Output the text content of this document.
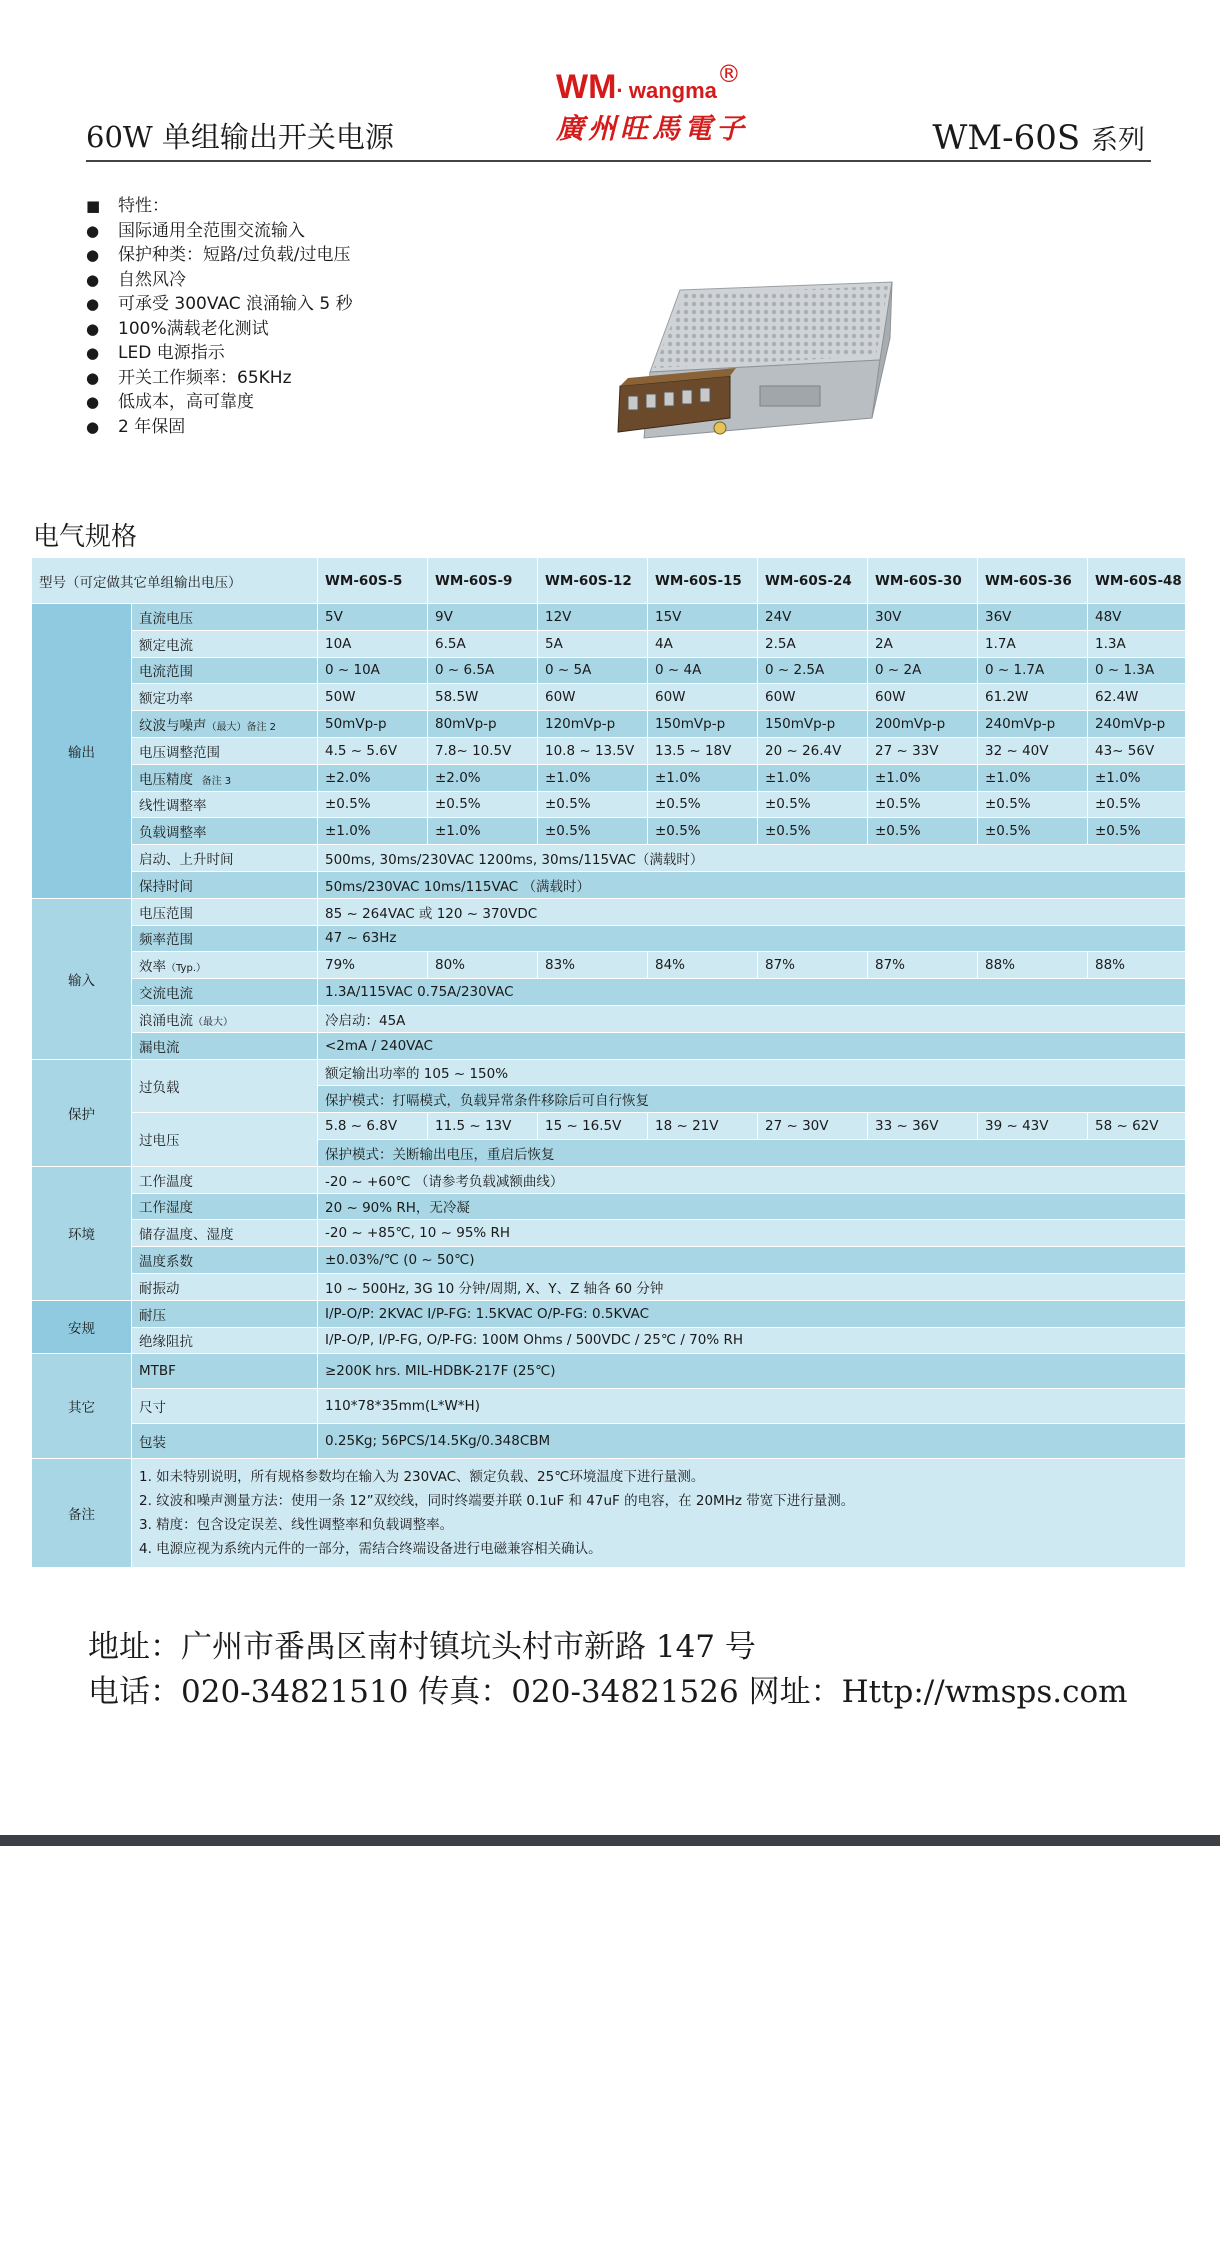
60W 单组输出开关电源
WM· wangma®
廣州旺馬電子	WM-60S 系列
■ 特性：
● 国际通用全范围交流输入
● 保护种类：短路/过负载/过电压
● 自然风冷
● 可承受 300VAC 浪涌输入 5 秒
● 100%满载老化测试
● LED 电源指示
● 开关工作频率：65KHz
● 低成本，高可靠度
● 2 年保固
电气规格
型号（可定做其它单组输出电压）		WM-60S-5	WM-60S-9	WM-60S-12	WM-60S-15	WM-60S-24	WM-60S-30	WM-60S-36	WM-60S-48
输出	直流电压	5V	9V	12V	15V	24V	30V	36V	48V
	额定电流	10A	6.5A	5A	4A	2.5A	2A	1.7A	1.3A
	电流范围	0 ~ 10A	0 ~ 6.5A	0 ~ 5A	0 ~ 4A	0 ~ 2.5A	0 ~ 2A	0 ~ 1.7A	0 ~ 1.3A
	额定功率	50W	58.5W	60W	60W	60W	60W	61.2W	62.4W
	纹波与噪声（最大）备注 2	50mVp-p	80mVp-p	120mVp-p	150mVp-p	150mVp-p	200mVp-p	240mVp-p	240mVp-p
	电压调整范围	4.5 ~ 5.6V	7.8~ 10.5V	10.8 ~ 13.5V	13.5 ~ 18V	20 ~ 26.4V	27 ~ 33V	32 ~ 40V	43~ 56V
	电压精度 备注 3	±2.0%	±2.0%	±1.0%	±1.0%	±1.0%	±1.0%	±1.0%	±1.0%
	线性调整率	±0.5%	±0.5%	±0.5%	±0.5%	±0.5%	±0.5%	±0.5%	±0.5%
	负载调整率	±1.0%	±1.0%	±0.5%	±0.5%	±0.5%	±0.5%	±0.5%	±0.5%
	启动、上升时间	500ms, 30ms/230VAC 1200ms, 30ms/115VAC（满载时）							
	保持时间	50ms/230VAC 10ms/115VAC （满载时）							
输入	电压范围	85 ~ 264VAC 或 120 ~ 370VDC							
	频率范围	47 ~ 63Hz							
	效率（Typ.）	79%	80%	83%	84%	87%	87%	88%	88%
	交流电流	1.3A/115VAC 0.75A/230VAC							
	浪涌电流（最大）	冷启动：45A							
	漏电流	<2mA / 240VAC							
保护	过负载	额定输出功率的 105 ~ 150%							
		保护模式：打嗝模式，负载异常条件移除后可自行恢复							
	过电压	5.8 ~ 6.8V	11.5 ~ 13V	15 ~ 16.5V	18 ~ 21V	27 ~ 30V	33 ~ 36V	39 ~ 43V	58 ~ 62V
		保护模式：关断输出电压，重启后恢复							
环境	工作温度	-20 ~ +60℃ （请参考负载减额曲线）							
	工作湿度	20 ~ 90% RH，无冷凝							
	储存温度、湿度	-20 ~ +85℃, 10 ~ 95% RH							
	温度系数	±0.03%/℃ (0 ~ 50℃)							
	耐振动	10 ~ 500Hz, 3G 10 分钟/周期, X、Y、Z 轴各 60 分钟							
安规	耐压	I/P-O/P: 2KVAC I/P-FG: 1.5KVAC O/P-FG: 0.5KVAC							
	绝缘阻抗	I/P-O/P, I/P-FG, O/P-FG: 100M Ohms / 500VDC / 25℃ / 70% RH							
其它	MTBF	≥200K hrs. MIL-HDBK-217F (25℃)							
	尺寸	110*78*35mm(L*W*H)							
	包装	0.25Kg; 56PCS/14.5Kg/0.348CBM							
备注	1. 如未特别说明，所有规格参数均在输入为 230VAC、额定负载、25℃环境温度下进行量测。
2. 纹波和噪声测量方法：使用一条 12”双绞线，同时终端要并联 0.1uF 和 47uF 的电容，在 20MHz 带宽下进行量测。
3. 精度：包含设定误差、线性调整率和负载调整率。
4. 电源应视为系统内元件的一部分，需结合终端设备进行电磁兼容相关确认。								
地址：广州市番禺区南村镇坑头村市新路 147 号
电话：020-34821510 传真：020-34821526 网址：Http://wmsps.com
